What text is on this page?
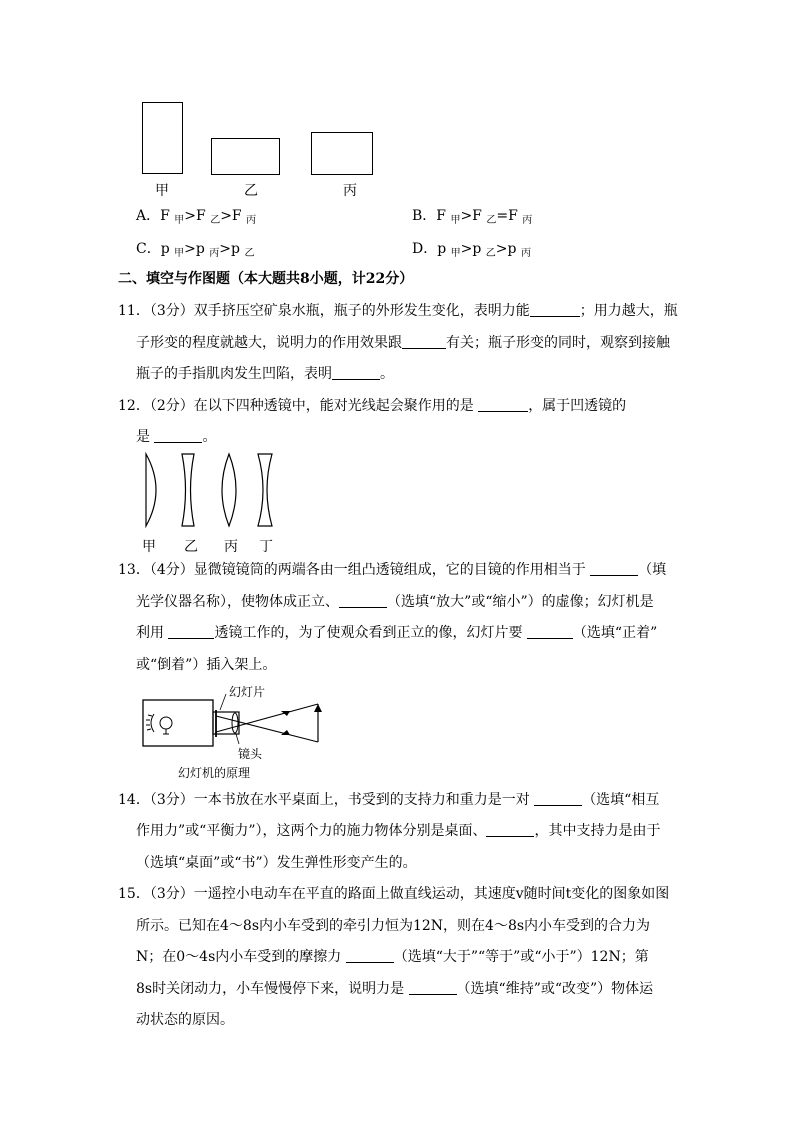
甲	乙	丙
A．F $_甲$>F $_乙$>F $_丙$	B．F $_甲$>F $_乙$=F $_丙$
C．p $_甲$>p $_丙$>p $_乙$	D．p $_甲$>p $_乙$>p $_丙$
二、填空与作图题（本大题共8小题，计22分）
11．（3分）双手挤压空矿泉水瓶，瓶子的外形发生变化，表明力能	；用力越大，瓶
子形变的程度就越大，说明力的作用效果跟	有关；瓶子形变的同时，观察到接触
瓶子的手指肌肉发生凹陷，表明	。
12．（2分）在以下四种透镜中，能对光线起会聚作用的是	，属于凹透镜的
是	。
甲 乙 丙 丁
13．（4分）显微镜镜筒的两端各由一组凸透镜组成，它的目镜的作用相当于	（填
光学仪器名称），使物体成正立、	（选填“放大”或“缩小”）的虚像；幻灯机是
利用	透镜工作的，为了使观众看到正立的像，幻灯片要	（选填“正着”
或“倒着”）插入架上。
幻灯片
镜头
幻灯机的原理
14．（3分）一本书放在水平桌面上，书受到的支持力和重力是一对	（选填“相互
作用力”或“平衡力”），这两个力的施力物体分别是桌面、	，其中支持力是由于
（选填“桌面”或“书”）发生弹性形变产生的。
15．（3分）一遥控小电动车在平直的路面上做直线运动，其速度v随时间t变化的图象如图
所示。已知在4～8s内小车受到的牵引力恒为12N，则在4～8s内小车受到的合力为
N；在0～4s内小车受到的摩擦力	（选填“大于”“等于”或“小于”）12N；第
8s时关闭动力，小车慢慢停下来，说明力是	（选填“维持”或“改变”）物体运
动状态的原因。
